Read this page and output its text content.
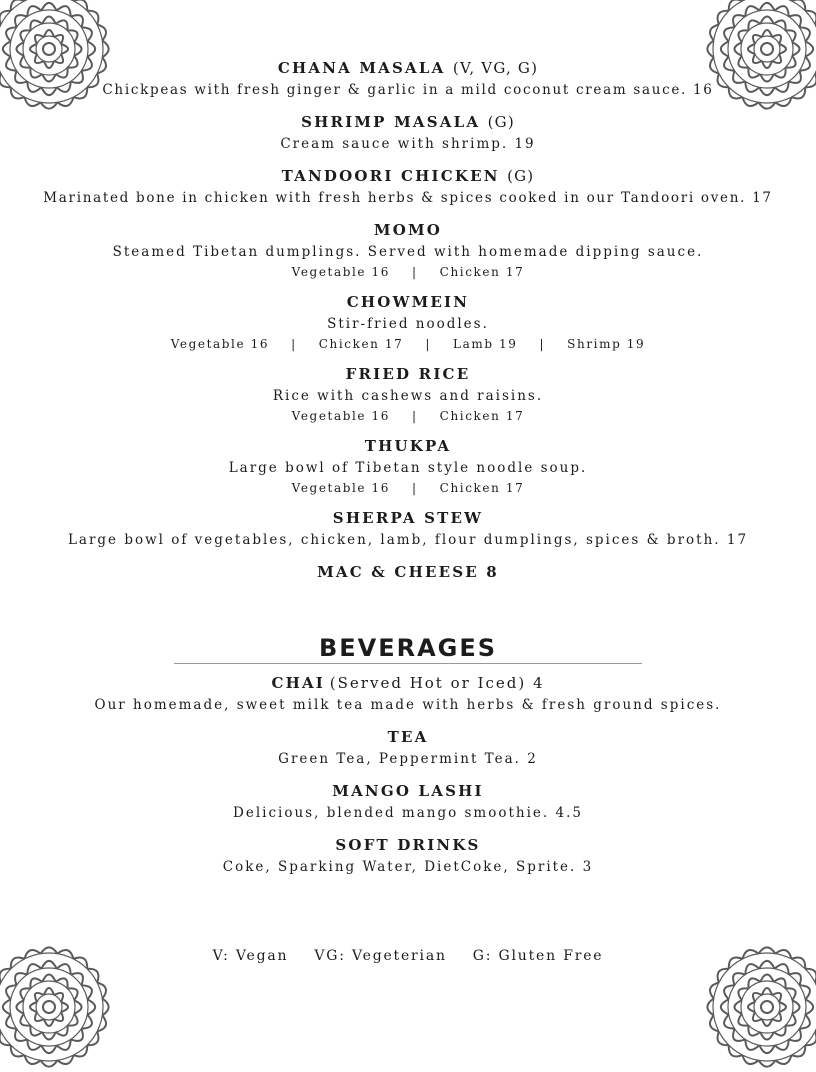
CHANA MASALA (V, VG, G)
Chickpeas with fresh ginger & garlic in a mild coconut cream sauce. 16
SHRIMP MASALA (G)
Cream sauce with shrimp. 19
TANDOORI CHICKEN (G)
Marinated bone in chicken with fresh herbs & spices cooked in our Tandoori oven. 17
MOMO
Steamed Tibetan dumplings. Served with homemade dipping sauce.
Vegetable 16 | Chicken 17
CHOWMEIN
Stir-fried noodles.
Vegetable 16 | Chicken 17 | Lamb 19 | Shrimp 19
FRIED RICE
Rice with cashews and raisins.
Vegetable 16 | Chicken 17
THUKPA
Large bowl of Tibetan style noodle soup.
Vegetable 16 | Chicken 17
SHERPA STEW
Large bowl of vegetables, chicken, lamb, flour dumplings, spices & broth. 17
MAC & CHEESE 8
BEVERAGES
CHAI (Served Hot or Iced) 4
Our homemade, sweet milk tea made with herbs & fresh ground spices.
TEA
Green Tea, Peppermint Tea. 2
MANGO LASHI
Delicious, blended mango smoothie. 4.5
SOFT DRINKS
Coke, Sparking Water, DietCoke, Sprite. 3
V: Vegan VG: Vegeterian G: Gluten Free
